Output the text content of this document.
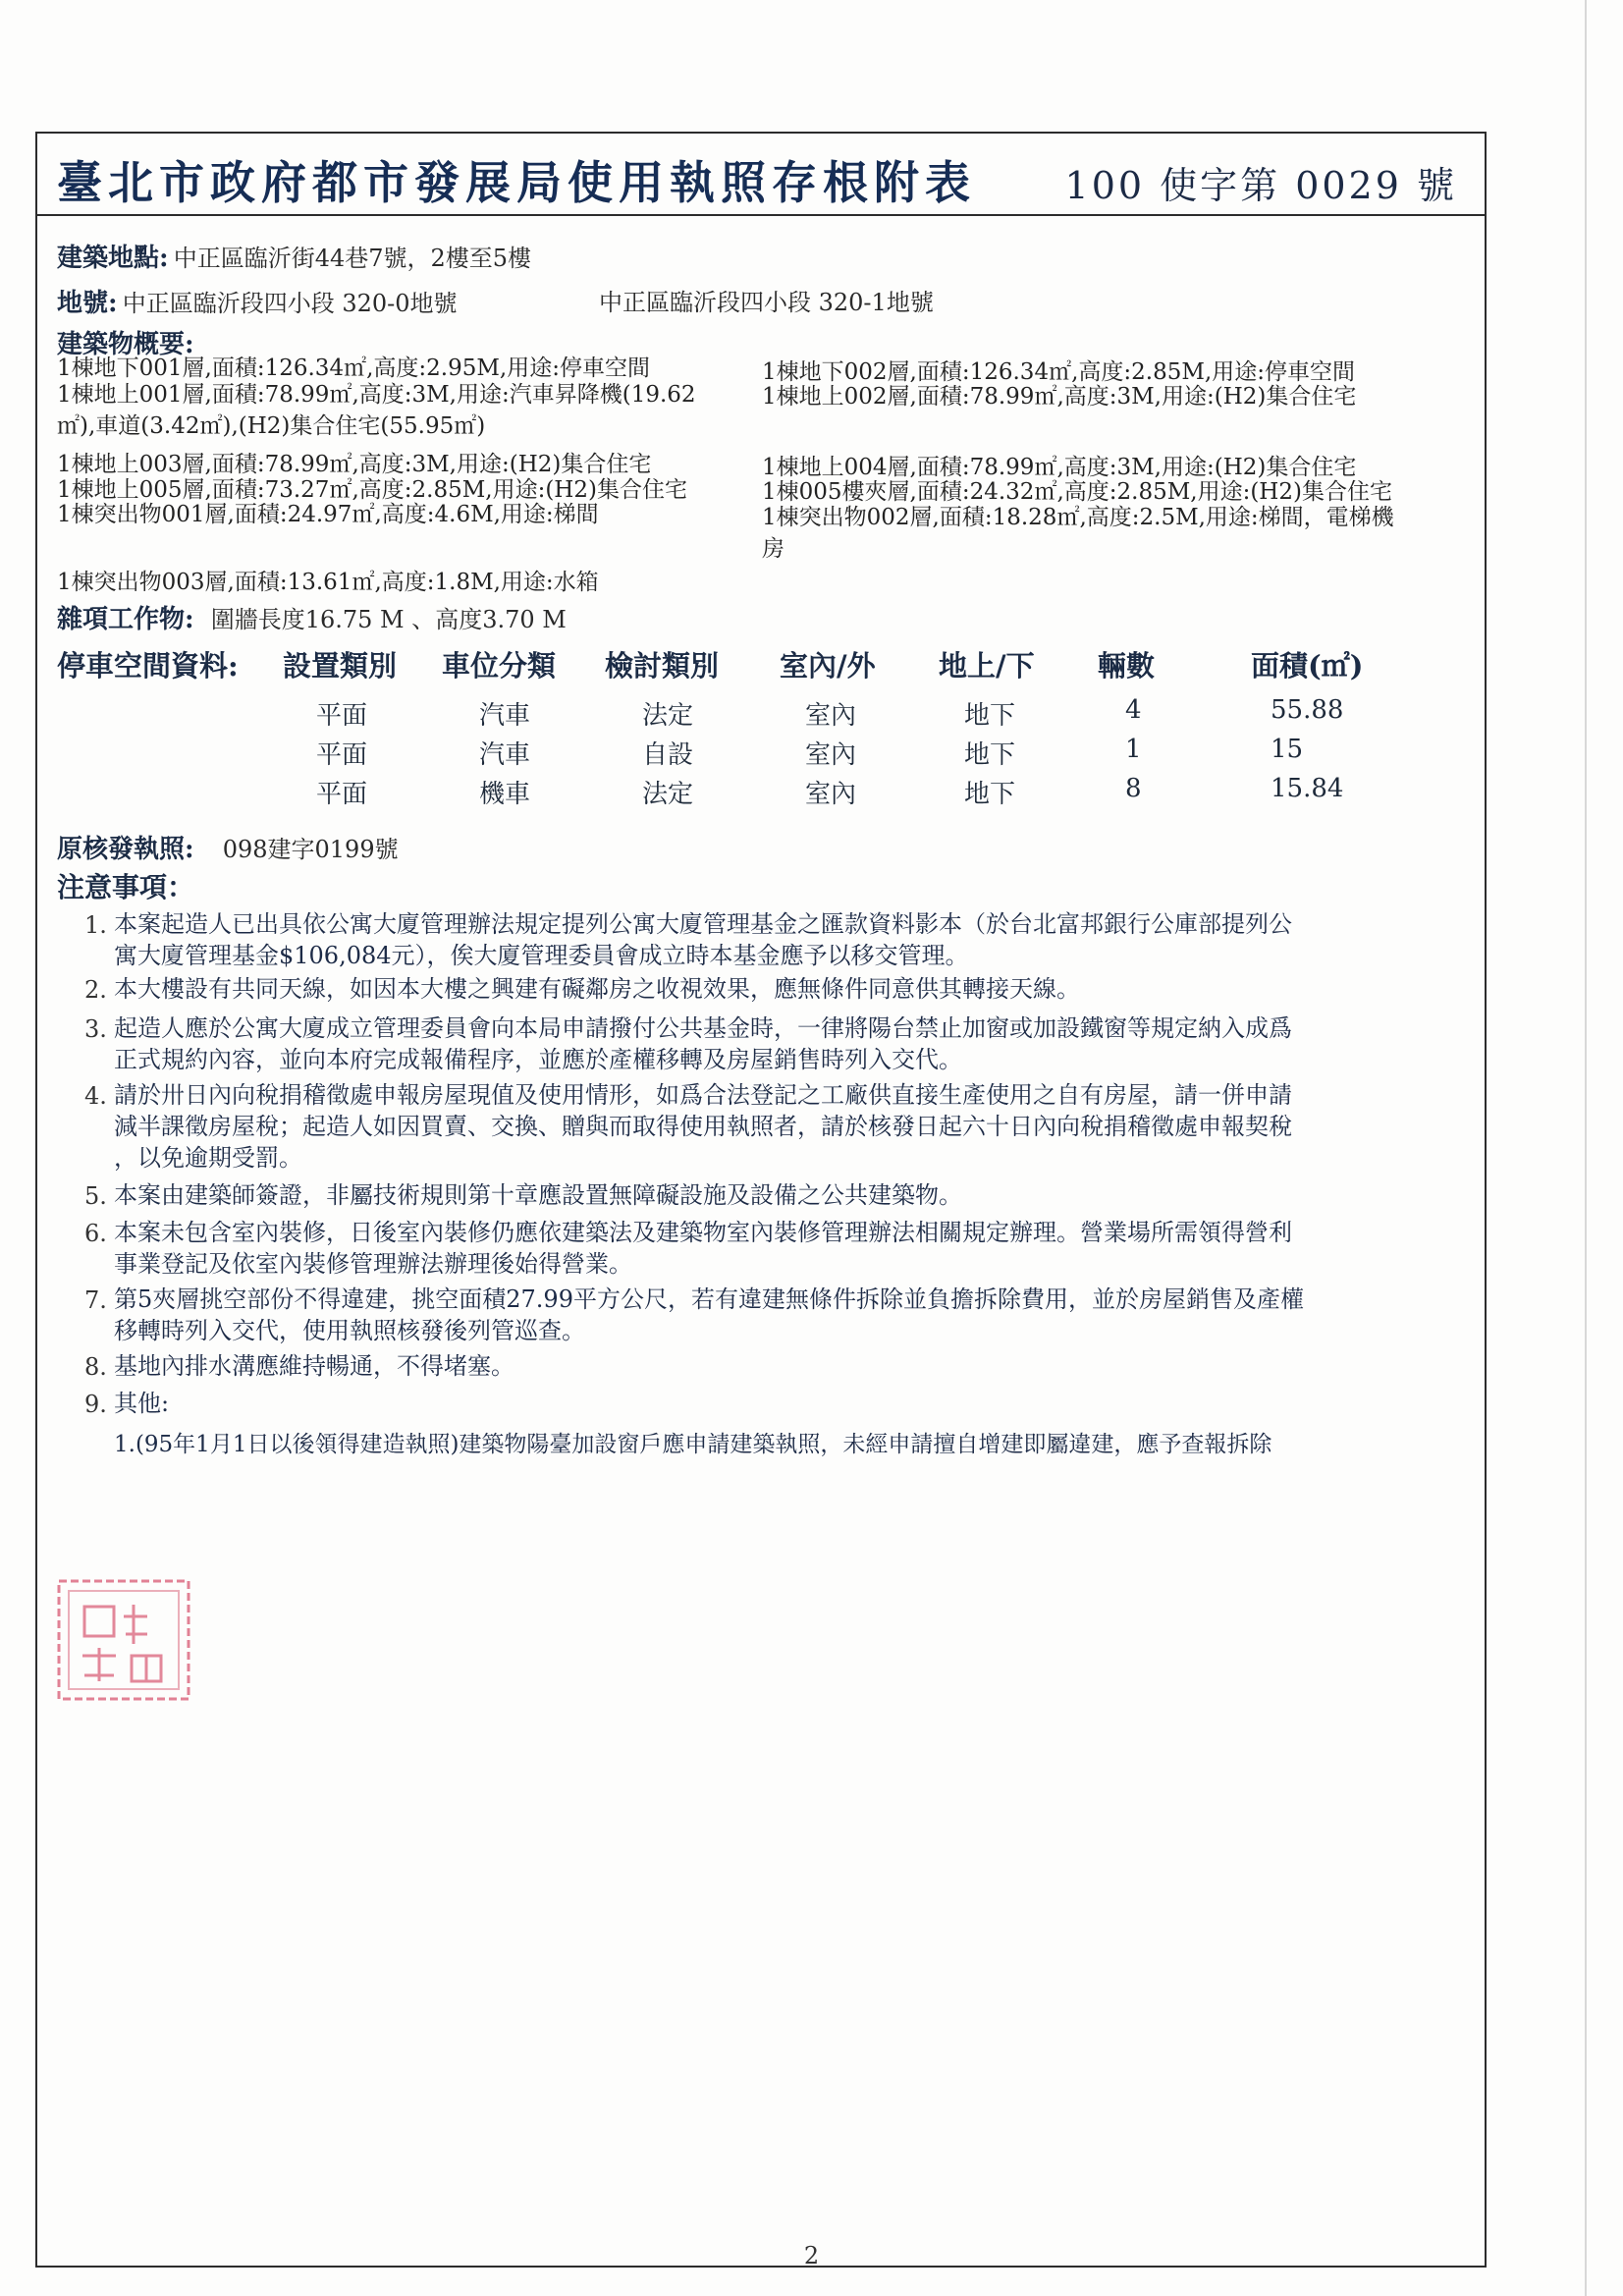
臺北市政府都市發展局使用執照存根附表 100 使字第 0029 號
建築地點: 中正區臨沂街44巷7號，2樓至5樓
地號: 中正區臨沂段四小段 320-0地號	中正區臨沂段四小段 320-1地號
建築物概要:
1棟地下001層,面積:126.34㎡,高度:2.95M,用途:停車空間
1棟地上001層,面積:78.99㎡,高度:3M,用途:汽車昇降機(19.62
㎡),車道(3.42㎡),(H2)集合住宅(55.95㎡)
1棟地上003層,面積:78.99㎡,高度:3M,用途:(H2)集合住宅
1棟地上005層,面積:73.27㎡,高度:2.85M,用途:(H2)集合住宅
1棟突出物001層,面積:24.97㎡,高度:4.6M,用途:梯間
1棟地下002層,面積:126.34㎡,高度:2.85M,用途:停車空間
1棟地上002層,面積:78.99㎡,高度:3M,用途:(H2)集合住宅
1棟地上004層,面積:78.99㎡,高度:3M,用途:(H2)集合住宅
1棟005樓夾層,面積:24.32㎡,高度:2.85M,用途:(H2)集合住宅
1棟突出物002層,面積:18.28㎡,高度:2.5M,用途:梯間，電梯機
房
1棟突出物003層,面積:13.61㎡,高度:1.8M,用途:水箱
雜項工作物: 圍牆長度16.75 M 、高度3.70 M
停車空間資料: 設置類別 車位分類 檢討類別 室內/外 地上/下 輛數	面積(㎡)
平面	汽車	法定	室內	地下	4	55.88
平面	汽車	自設	室內	地下	1	15
平面	機車	法定	室內	地下	8	15.84
原核發執照: 098建字0199號
注意事項：
1. 本案起造人已出具依公寓大廈管理辦法規定提列公寓大廈管理基金之匯款資料影本（於台北富邦銀行公庫部提列公
寓大廈管理基金$106,084元），俟大廈管理委員會成立時本基金應予以移交管理。
2. 本大樓設有共同天線，如因本大樓之興建有礙鄰房之收視效果，應無條件同意供其轉接天線。
3. 起造人應於公寓大廈成立管理委員會向本局申請撥付公共基金時，一律將陽台禁止加窗或加設鐵窗等規定納入成爲
正式規約內容，並向本府完成報備程序，並應於產權移轉及房屋銷售時列入交代。
4. 請於卅日內向稅捐稽徵處申報房屋現值及使用情形，如爲合法登記之工廠供直接生產使用之自有房屋，請一併申請
減半課徵房屋稅；起造人如因買賣、交換、贈與而取得使用執照者，請於核發日起六十日內向稅捐稽徵處申報契稅
，以免逾期受罰。
5. 本案由建築師簽證，非屬技術規則第十章應設置無障礙設施及設備之公共建築物。
6. 本案未包含室內裝修，日後室內裝修仍應依建築法及建築物室內裝修管理辦法相關規定辦理。營業場所需領得營利
事業登記及依室內裝修管理辦法辦理後始得營業。
7. 第5夾層挑空部份不得違建，挑空面積27.99平方公尺，若有違建無條件拆除並負擔拆除費用，並於房屋銷售及產權
移轉時列入交代，使用執照核發後列管巡查。
8. 基地內排水溝應維持暢通，不得堵塞。
9. 其他:
1.(95年1月1日以後領得建造執照)建築物陽臺加設窗戶應申請建築執照，未經申請擅自增建即屬違建，應予查報拆除
2
